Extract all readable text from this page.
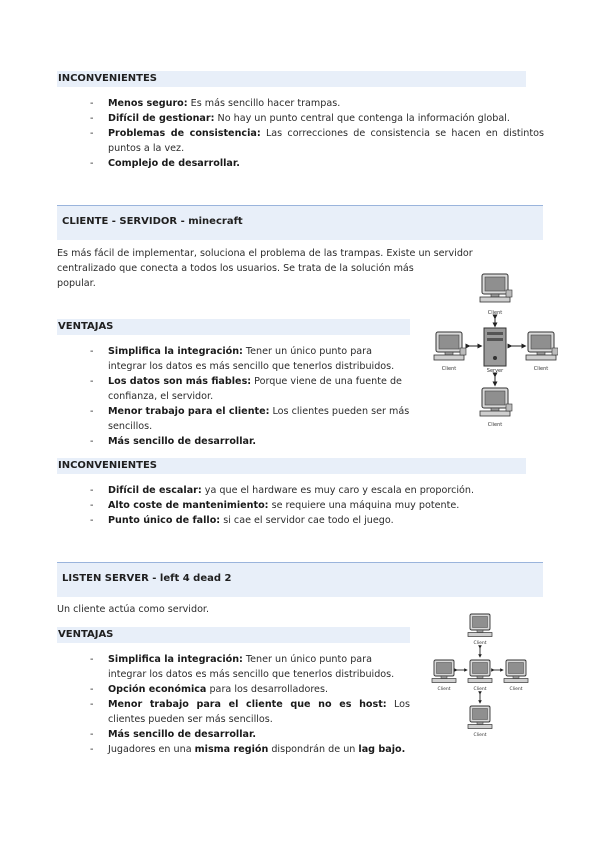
INCONVENIENTES
- Menos seguro: Es más sencillo hacer trampas.
- Difícil de gestionar: No hay un punto central que contenga la información global.
- Problemas de consistencia: Las correcciones de consistencia se hacen en distintos puntos a la vez.
- Complejo de desarrollar.
CLIENTE - SERVIDOR - minecraft
Es más fácil de implementar, soluciona el problema de las trampas. Existe un servidor
centralizado que conecta a todos los usuarios. Se trata de la solución más popular.
VENTAJAS
- Simplifica la integración: Tener un único punto para integrar los datos es más sencillo que tenerlos distribuidos.
- Los datos son más fiables: Porque viene de una fuente de confianza, el servidor.
- Menor trabajo para el cliente: Los clientes pueden ser más sencillos.
- Más sencillo de desarrollar.
INCONVENIENTES
- Difícil de escalar: ya que el hardware es muy caro y escala en proporción.
- Alto coste de mantenimiento: se requiere una máquina muy potente.
- Punto único de fallo: si cae el servidor cae todo el juego.
Client
Client	Client
Client
Server
LISTEN SERVER - left 4 dead 2
Un cliente actúa como servidor.
VENTAJAS
- Simplifica la integración: Tener un único punto para integrar los datos es más sencillo que tenerlos distribuidos.
- Opción económica para los desarrolladores.
- Menor trabajo para el cliente que no es host: Los clientes pueden ser más sencillos.
- Más sencillo de desarrollar.
- Jugadores en una misma región dispondrán de un lag bajo.
Client
Client	Client	Client
Client
